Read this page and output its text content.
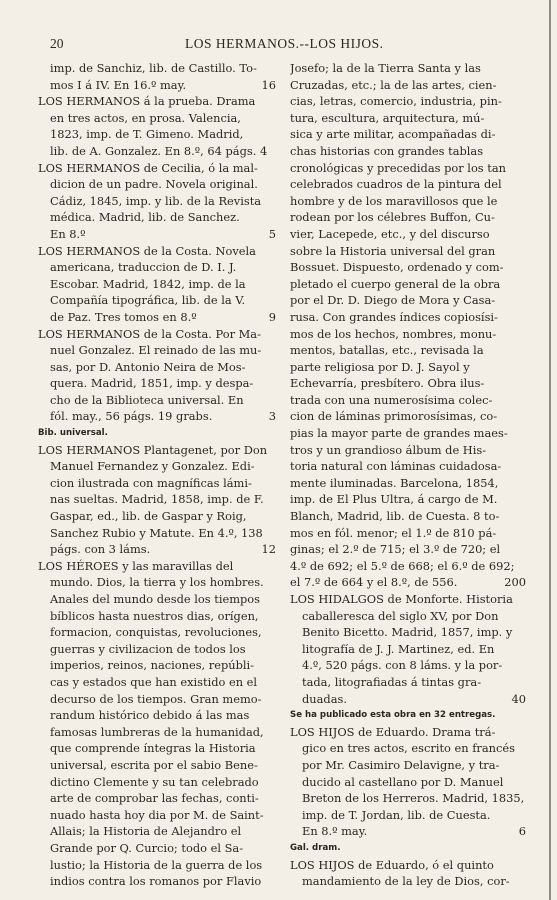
20	LOS HERMANOS.--LOS HIJOS.
imp. de Sanchiz, lib. de Castillo. To-
mos I á IV. En 16.º may.	16
LOS HERMANOS á la prueba. Drama
en tres actos, en prosa. Valencia,
1823, imp. de T. Gimeno. Madrid,
lib. de A. Gonzalez. En 8.º, 64 págs. 4
LOS HERMANOS de Cecilia, ó la mal-
dicion de un padre. Novela original.
Cádiz, 1845, imp. y lib. de la Revista
médica. Madrid, lib. de Sanchez.
En 8.º	5
LOS HERMANOS de la Costa. Novela
americana, traduccion de D. I. J.
Escobar. Madrid, 1842, imp. de la
Compañía tipográfica, lib. de la V.
de Paz. Tres tomos en 8.º	9
LOS HERMANOS de la Costa. Por Ma-
nuel Gonzalez. El reinado de las mu-
sas, por D. Antonio Neira de Mos-
quera. Madrid, 1851, imp. y despa-
cho de la Biblioteca universal. En
fól. may., 56 págs. 19 grabs.	3
Bib. universal.
LOS HERMANOS Plantagenet, por Don
Manuel Fernandez y Gonzalez. Edi-
cion ilustrada con magníficas lámi-
nas sueltas. Madrid, 1858, imp. de F.
Gaspar, ed., lib. de Gaspar y Roig,
Sanchez Rubio y Matute. En 4.º, 138
págs. con 3 láms.	12
LOS HÉROES y las maravillas del
mundo. Dios, la tierra y los hombres.
Anales del mundo desde los tiempos
bíblicos hasta nuestros dias, orígen,
formacion, conquistas, revoluciones,
guerras y civilizacion de todos los
imperios, reinos, naciones, repúbli-
cas y estados que han existido en el
decurso de los tiempos. Gran memo-
randum histórico debido á las mas
famosas lumbreras de la humanidad,
que comprende íntegras la Historia
universal, escrita por el sabio Bene-
dictino Clemente y su tan celebrado
arte de comprobar las fechas, conti-
nuado hasta hoy dia por M. de Saint-
Allais; la Historia de Alejandro el
Grande por Q. Curcio; todo el Sa-
lustio; la Historia de la guerra de los
indios contra los romanos por Flavio
Josefo; la de la Tierra Santa y las
Cruzadas, etc.; la de las artes, cien-
cias, letras, comercio, industria, pin-
tura, escultura, arquitectura, mú-
sica y arte militar, acompañadas di-
chas historias con grandes tablas
cronológicas y precedidas por los tan
celebrados cuadros de la pintura del
hombre y de los maravillosos que le
rodean por los célebres Buffon, Cu-
vier, Lacepede, etc., y del discurso
sobre la Historia universal del gran
Bossuet. Dispuesto, ordenado y com-
pletado el cuerpo general de la obra
por el Dr. D. Diego de Mora y Casa-
rusa. Con grandes índices copiosísi-
mos de los hechos, nombres, monu-
mentos, batallas, etc., revisada la
parte religiosa por D. J. Sayol y
Echevarría, presbítero. Obra ilus-
trada con una numerosísima colec-
cion de láminas primorosísimas, co-
pias la mayor parte de grandes maes-
tros y un grandioso álbum de His-
toria natural con láminas cuidadosa-
mente iluminadas. Barcelona, 1854,
imp. de El Plus Ultra, á cargo de M.
Blanch, Madrid, lib. de Cuesta. 8 to-
mos en fól. menor; el 1.º de 810 pá-
ginas; el 2.º de 715; el 3.º de 720; el
4.º de 692; el 5.º de 668; el 6.º de 692;
el 7.º de 664 y el 8.º, de 556.	200
LOS HIDALGOS de Monforte. Historia
caballeresca del siglo XV, por Don
Benito Bicetto. Madrid, 1857, imp. y
litografía de J. J. Martinez, ed. En
4.º, 520 págs. con 8 láms. y la por-
tada, litografiadas á tintas gra-
duadas.	40
Se ha publicado esta obra en 32 entregas.
LOS HIJOS de Eduardo. Drama trá-
gico en tres actos, escrito en francés
por Mr. Casimiro Delavigne, y tra-
ducido al castellano por D. Manuel
Breton de los Herreros. Madrid, 1835,
imp. de T. Jordan, lib. de Cuesta.
En 8.º may.	6
Gal. dram.
LOS HIJOS de Eduardo, ó el quinto
mandamiento de la ley de Dios, cor-
